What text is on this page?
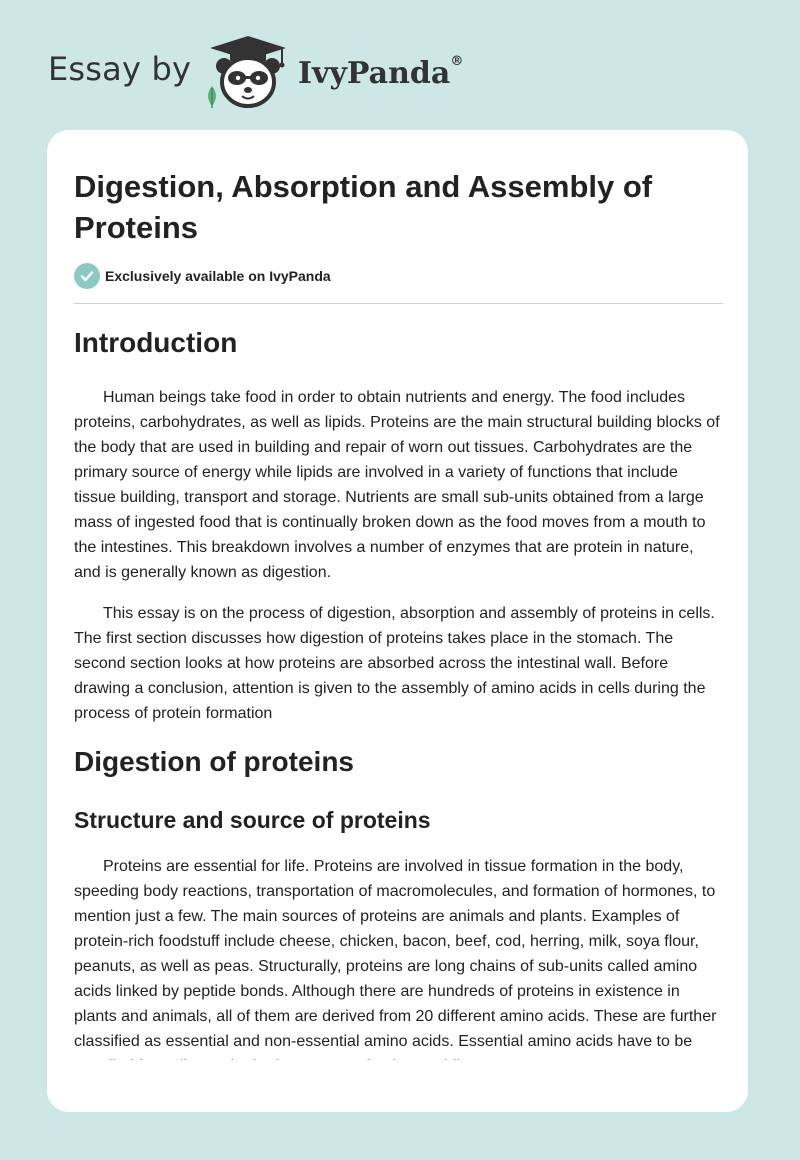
Essay by	IvyPanda®
Digestion, Absorption and Assembly of Proteins
Exclusively available on IvyPanda
Introduction

Human beings take food in order to obtain nutrients and energy. The food includes proteins, carbohydrates, as well as lipids. Proteins are the main structural building blocks of the body that are used in building and repair of worn out tissues. Carbohydrates are the primary source of energy while lipids are involved in a variety of functions that include tissue building, transport and storage. Nutrients are small sub-units obtained from a large mass of ingested food that is continually broken down as the food moves from a mouth to the intestines. This breakdown involves a number of enzymes that are protein in nature, and is generally known as digestion.

This essay is on the process of digestion, absorption and assembly of proteins in cells. The first section discusses how digestion of proteins takes place in the stomach. The second section looks at how proteins are absorbed across the intestinal wall. Before drawing a conclusion, attention is given to the assembly of amino acids in cells during the process of protein formation

Digestion of proteins
Structure and source of proteins

Proteins are essential for life. Proteins are involved in tissue formation in the body, speeding body reactions, transportation of macromolecules, and formation of hormones, to mention just a few. The main sources of proteins are animals and plants. Examples of protein-rich foodstuff include cheese, chicken, bacon, beef, cod, herring, milk, soya flour, peanuts, as well as peas. Structurally, proteins are long chains of sub-units called amino acids linked by peptide bonds. Although there are hundreds of proteins in existence in plants and animals, all of them are derived from 20 different amino acids. These are further classified as essential and non-essential amino acids. Essential amino acids have to be
